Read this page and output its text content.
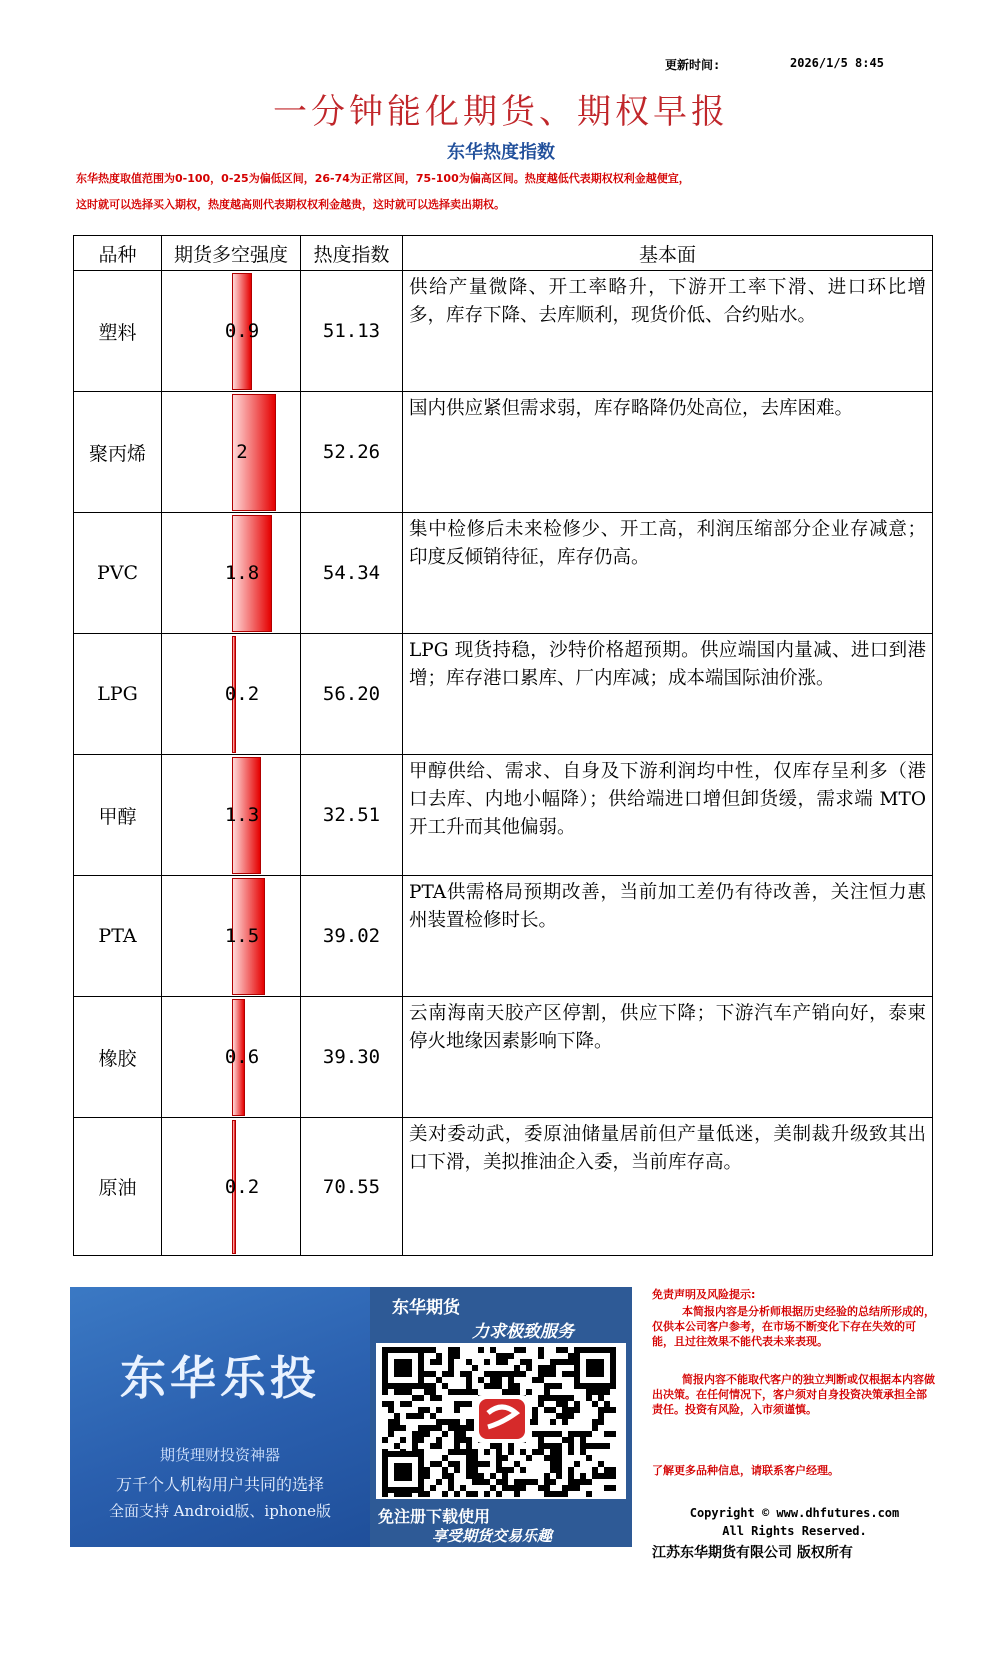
更新时间:	2026/1/5 8:45
一分钟能化期货、期权早报
东华热度指数
东华热度取值范围为0-100，0-25为偏低区间，26-74为正常区间，75-100为偏高区间。热度越低代表期权权利金越便宜，
这时就可以选择买入期权，热度越高则代表期权权利金越贵，这时就可以选择卖出期权。
品种	期货多空强度	热度指数	基本面
塑料	0.9	51.13	供给产量微降、开工率略升，下游开工率下滑、进口环比增多，库存下降、去库顺利，现货价低、合约贴水。
聚丙烯	2	52.26	国内供应紧但需求弱，库存略降仍处高位，去库困难。
PVC	1.8	54.34	集中检修后未来检修少、开工高，利润压缩部分企业存减意；印度反倾销待征，库存仍高。
LPG	0.2	56.20	LPG 现货持稳，沙特价格超预期。供应端国内量减、进口到港增；库存港口累库、厂内库减；成本端国际油价涨。
甲醇	1.3	32.51	甲醇供给、需求、自身及下游利润均中性，仅库存呈利多（港口去库、内地小幅降）；供给端进口增但卸货缓，需求端 MTO 开工升而其他偏弱。
PTA	1.5	39.02	PTA供需格局预期改善，当前加工差仍有待改善，关注恒力惠州装置检修时长。
橡胶	0.6	39.30	云南海南天胶产区停割，供应下降；下游汽车产销向好，泰柬停火地缘因素影响下降。
原油	0.2	70.55	美对委动武，委原油储量居前但产量低迷，美制裁升级致其出口下滑，美拟推油企入委，当前库存高。
东华乐投
期货理财投资神器
万千个人机构用户共同的选择
全面支持 Android版、iphone版
东华期货
力求极致服务
免注册下载使用
享受期货交易乐趣
免责声明及风险提示:
本简报内容是分析师根据历史经验的总结所形成的，仅供本公司客户参考，在市场不断变化下存在失效的可能，且过往效果不能代表未来表现。
简报内容不能取代客户的独立判断或仅根据本内容做出决策。在任何情况下，客户须对自身投资决策承担全部责任。投资有风险，入市须谨慎。
了解更多品种信息，请联系客户经理。
Copyright © www.dhfutures.com
All Rights Reserved.
江苏东华期货有限公司 版权所有
